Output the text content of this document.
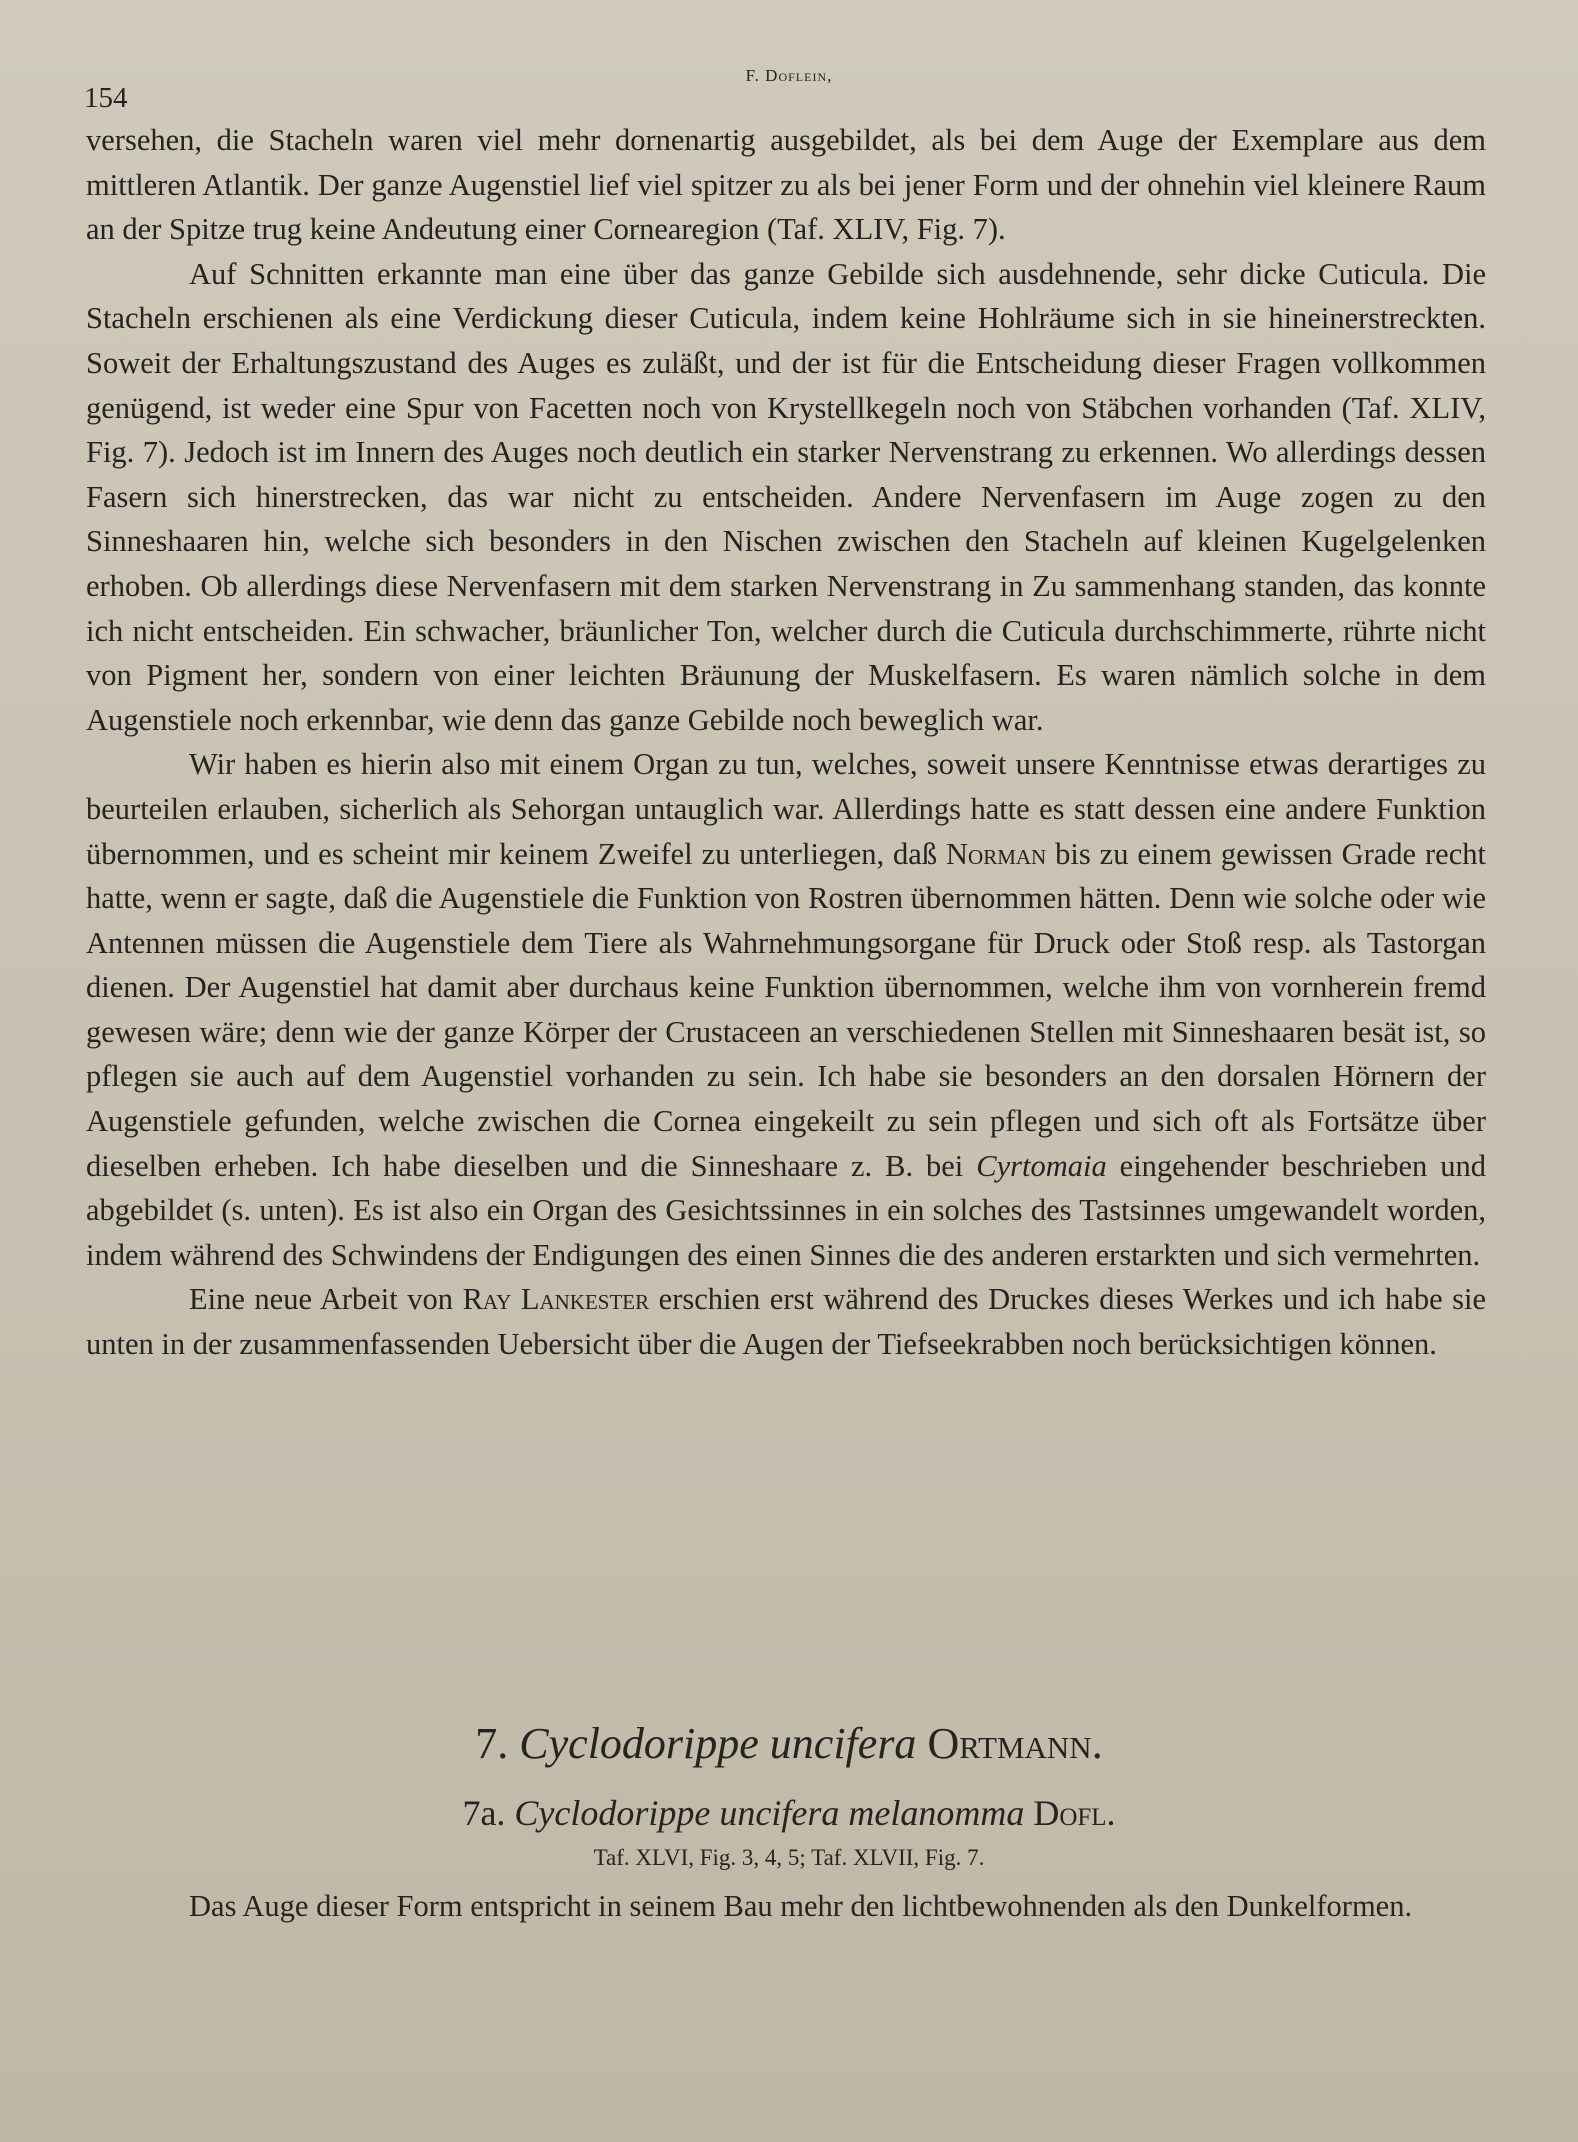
F. Doflein,
154

versehen, die Stacheln waren viel mehr dornenartig ausgebildet, als bei dem Auge der Exemplare aus dem mittleren Atlantik. Der ganze Augenstiel lief viel spitzer zu als bei jener Form und der ohnehin viel kleinere Raum an der Spitze trug keine Andeutung einer Cornearegion (Taf. XLIV, Fig. 7).

Auf Schnitten erkannte man eine über das ganze Gebilde sich ausdehnende, sehr dicke Cuticula. Die Stacheln erschienen als eine Verdickung dieser Cuticula, indem keine Hohlräume sich in sie hineinerstreckten. Soweit der Erhaltungszustand des Auges es zuläßt, und der ist für die Entscheidung dieser Fragen vollkommen genügend, ist weder eine Spur von Facetten noch von Krystellkegeln noch von Stäbchen vorhanden (Taf. XLIV, Fig. 7). Jedoch ist im Innern des Auges noch deutlich ein starker Nervenstrang zu erkennen. Wo allerdings dessen Fasern sich hinerstrecken, das war nicht zu entscheiden. Andere Nervenfasern im Auge zogen zu den Sinneshaaren hin, welche sich besonders in den Nischen zwischen den Stacheln auf kleinen Kugelgelenken erhoben. Ob allerdings diese Nervenfasern mit dem starken Nervenstrang in Zu sammenhang standen, das konnte ich nicht entscheiden. Ein schwacher, bräunlicher Ton, welcher durch die Cuticula durchschimmerte, rührte nicht von Pigment her, sondern von einer leichten Bräunung der Muskelfasern. Es waren nämlich solche in dem Augenstiele noch erkennbar, wie denn das ganze Gebilde noch beweglich war.

Wir haben es hierin also mit einem Organ zu tun, welches, soweit unsere Kenntnisse etwas derartiges zu beurteilen erlauben, sicherlich als Sehorgan untauglich war. Allerdings hatte es statt dessen eine andere Funktion übernommen, und es scheint mir keinem Zweifel zu unterliegen, daß Norman bis zu einem gewissen Grade recht hatte, wenn er sagte, daß die Augenstiele die Funktion von Rostren übernommen hätten. Denn wie solche oder wie Antennen müssen die Augenstiele dem Tiere als Wahrnehmungsorgane für Druck oder Stoß resp. als Tastorgan dienen. Der Augenstiel hat damit aber durchaus keine Funktion übernommen, welche ihm von vornherein fremd gewesen wäre; denn wie der ganze Körper der Crustaceen an verschiedenen Stellen mit Sinneshaaren besät ist, so pflegen sie auch auf dem Augenstiel vorhanden zu sein. Ich habe sie besonders an den dorsalen Hörnern der Augenstiele gefunden, welche zwischen die Cornea eingekeilt zu sein pflegen und sich oft als Fortsätze über dieselben erheben. Ich habe dieselben und die Sinneshaare z. B. bei Cyrtomaia eingehender beschrieben und abgebildet (s. unten). Es ist also ein Organ des Gesichtssinnes in ein solches des Tastsinnes umgewandelt worden, indem während des Schwindens der Endigungen des einen Sinnes die des anderen erstarkten und sich vermehrten.

Eine neue Arbeit von Ray Lankester erschien erst während des Druckes dieses Werkes und ich habe sie unten in der zusammenfassenden Uebersicht über die Augen der Tiefseekrabben noch berücksichtigen können.

7. Cyclodorippe uncifera Ortmann.
7a. Cyclodorippe uncifera melanomma Dofl.
Taf. XLVI, Fig. 3, 4, 5; Taf. XLVII, Fig. 7.

Das Auge dieser Form entspricht in seinem Bau mehr den lichtbewohnenden als den Dunkelformen.
